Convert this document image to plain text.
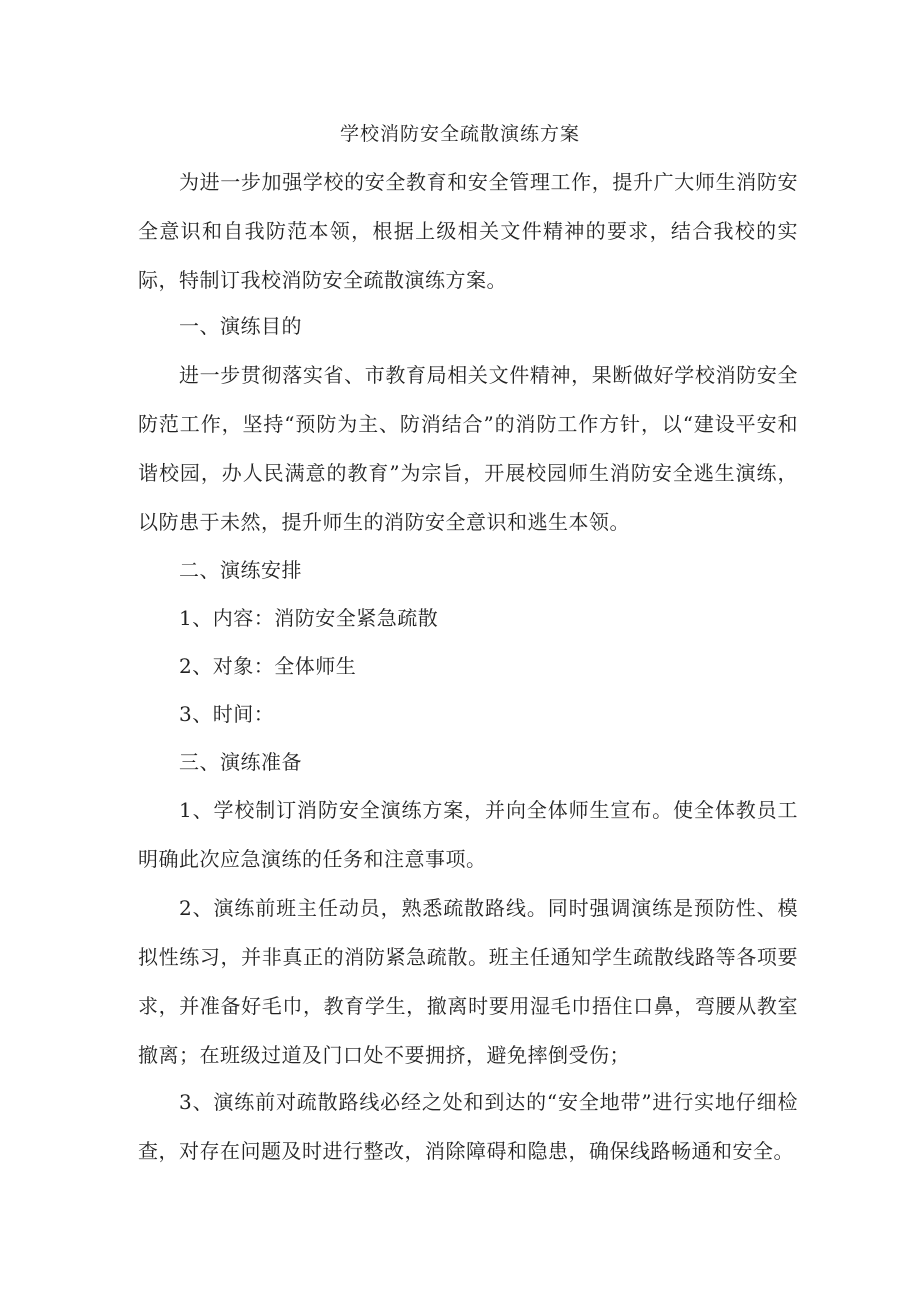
学校消防安全疏散演练方案

为进一步加强学校的安全教育和安全管理工作，提升广大师生消防安全意识和自我防范本领，根据上级相关文件精神的要求，结合我校的实际，特制订我校消防安全疏散演练方案。

一、演练目的

进一步贯彻落实省、市教育局相关文件精神，果断做好学校消防安全防范工作，坚持“预防为主、防消结合”的消防工作方针，以“建设平安和谐校园，办人民满意的教育”为宗旨，开展校园师生消防安全逃生演练，以防患于未然，提升师生的消防安全意识和逃生本领。

二、演练安排

1、内容：消防安全紧急疏散

2、对象：全体师生

3、时间：

三、演练准备

1、学校制订消防安全演练方案，并向全体师生宣布。使全体教员工明确此次应急演练的任务和注意事项。

2、演练前班主任动员，熟悉疏散路线。同时强调演练是预防性、模拟性练习，并非真正的消防紧急疏散。班主任通知学生疏散线路等各项要求，并准备好毛巾，教育学生，撤离时要用湿毛巾捂住口鼻，弯腰从教室撤离；在班级过道及门口处不要拥挤，避免摔倒受伤；

3、演练前对疏散路线必经之处和到达的“安全地带”进行实地仔细检查，对存在问题及时进行整改，消除障碍和隐患，确保线路畅通和安全。
